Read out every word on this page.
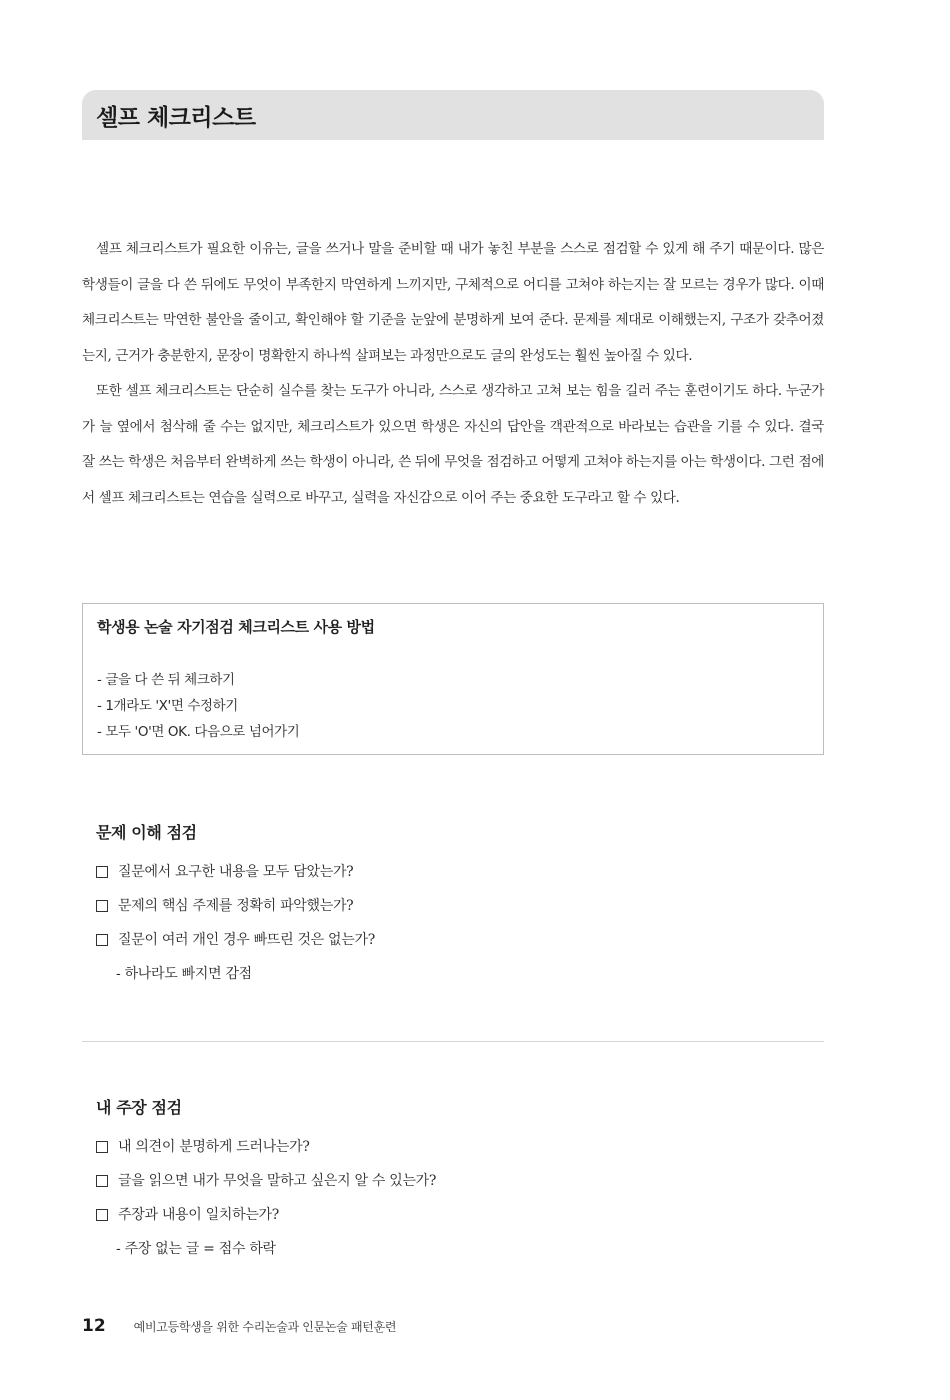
셀프 체크리스트

셀프 체크리스트가 필요한 이유는, 글을 쓰거나 말을 준비할 때 내가 놓친 부분을 스스로 점검할 수 있게 해 주기 때문이다. 많은 학생들이 글을 다 쓴 뒤에도 무엇이 부족한지 막연하게 느끼지만, 구체적으로 어디를 고쳐야 하는지는 잘 모르는 경우가 많다. 이때 체크리스트는 막연한 불안을 줄이고, 확인해야 할 기준을 눈앞에 분명하게 보여 준다. 문제를 제대로 이해했는지, 구조가 갖추어졌는지, 근거가 충분한지, 문장이 명확한지 하나씩 살펴보는 과정만으로도 글의 완성도는 훨씬 높아질 수 있다.

또한 셀프 체크리스트는 단순히 실수를 찾는 도구가 아니라, 스스로 생각하고 고쳐 보는 힘을 길러 주는 훈련이기도 하다. 누군가가 늘 옆에서 첨삭해 줄 수는 없지만, 체크리스트가 있으면 학생은 자신의 답안을 객관적으로 바라보는 습관을 기를 수 있다. 결국 잘 쓰는 학생은 처음부터 완벽하게 쓰는 학생이 아니라, 쓴 뒤에 무엇을 점검하고 어떻게 고쳐야 하는지를 아는 학생이다. 그런 점에서 셀프 체크리스트는 연습을 실력으로 바꾸고, 실력을 자신감으로 이어 주는 중요한 도구라고 할 수 있다.

학생용 논술 자기점검 체크리스트 사용 방법
- 글을 다 쓴 뒤 체크하기
- 1개라도 'X'면 수정하기
- 모두 'O'면 OK. 다음으로 넘어가기
문제 이해 점검
질문에서 요구한 내용을 모두 담았는가?
문제의 핵심 주제를 정확히 파악했는가?
질문이 여러 개인 경우 빠뜨린 것은 없는가?
- 하나라도 빠지면 감점
내 주장 점검
내 의견이 분명하게 드러나는가?
글을 읽으면 내가 무엇을 말하고 싶은지 알 수 있는가?
주장과 내용이 일치하는가?
- 주장 없는 글 = 점수 하락
12 예비고등학생을 위한 수리논술과 인문논술 패턴훈련
